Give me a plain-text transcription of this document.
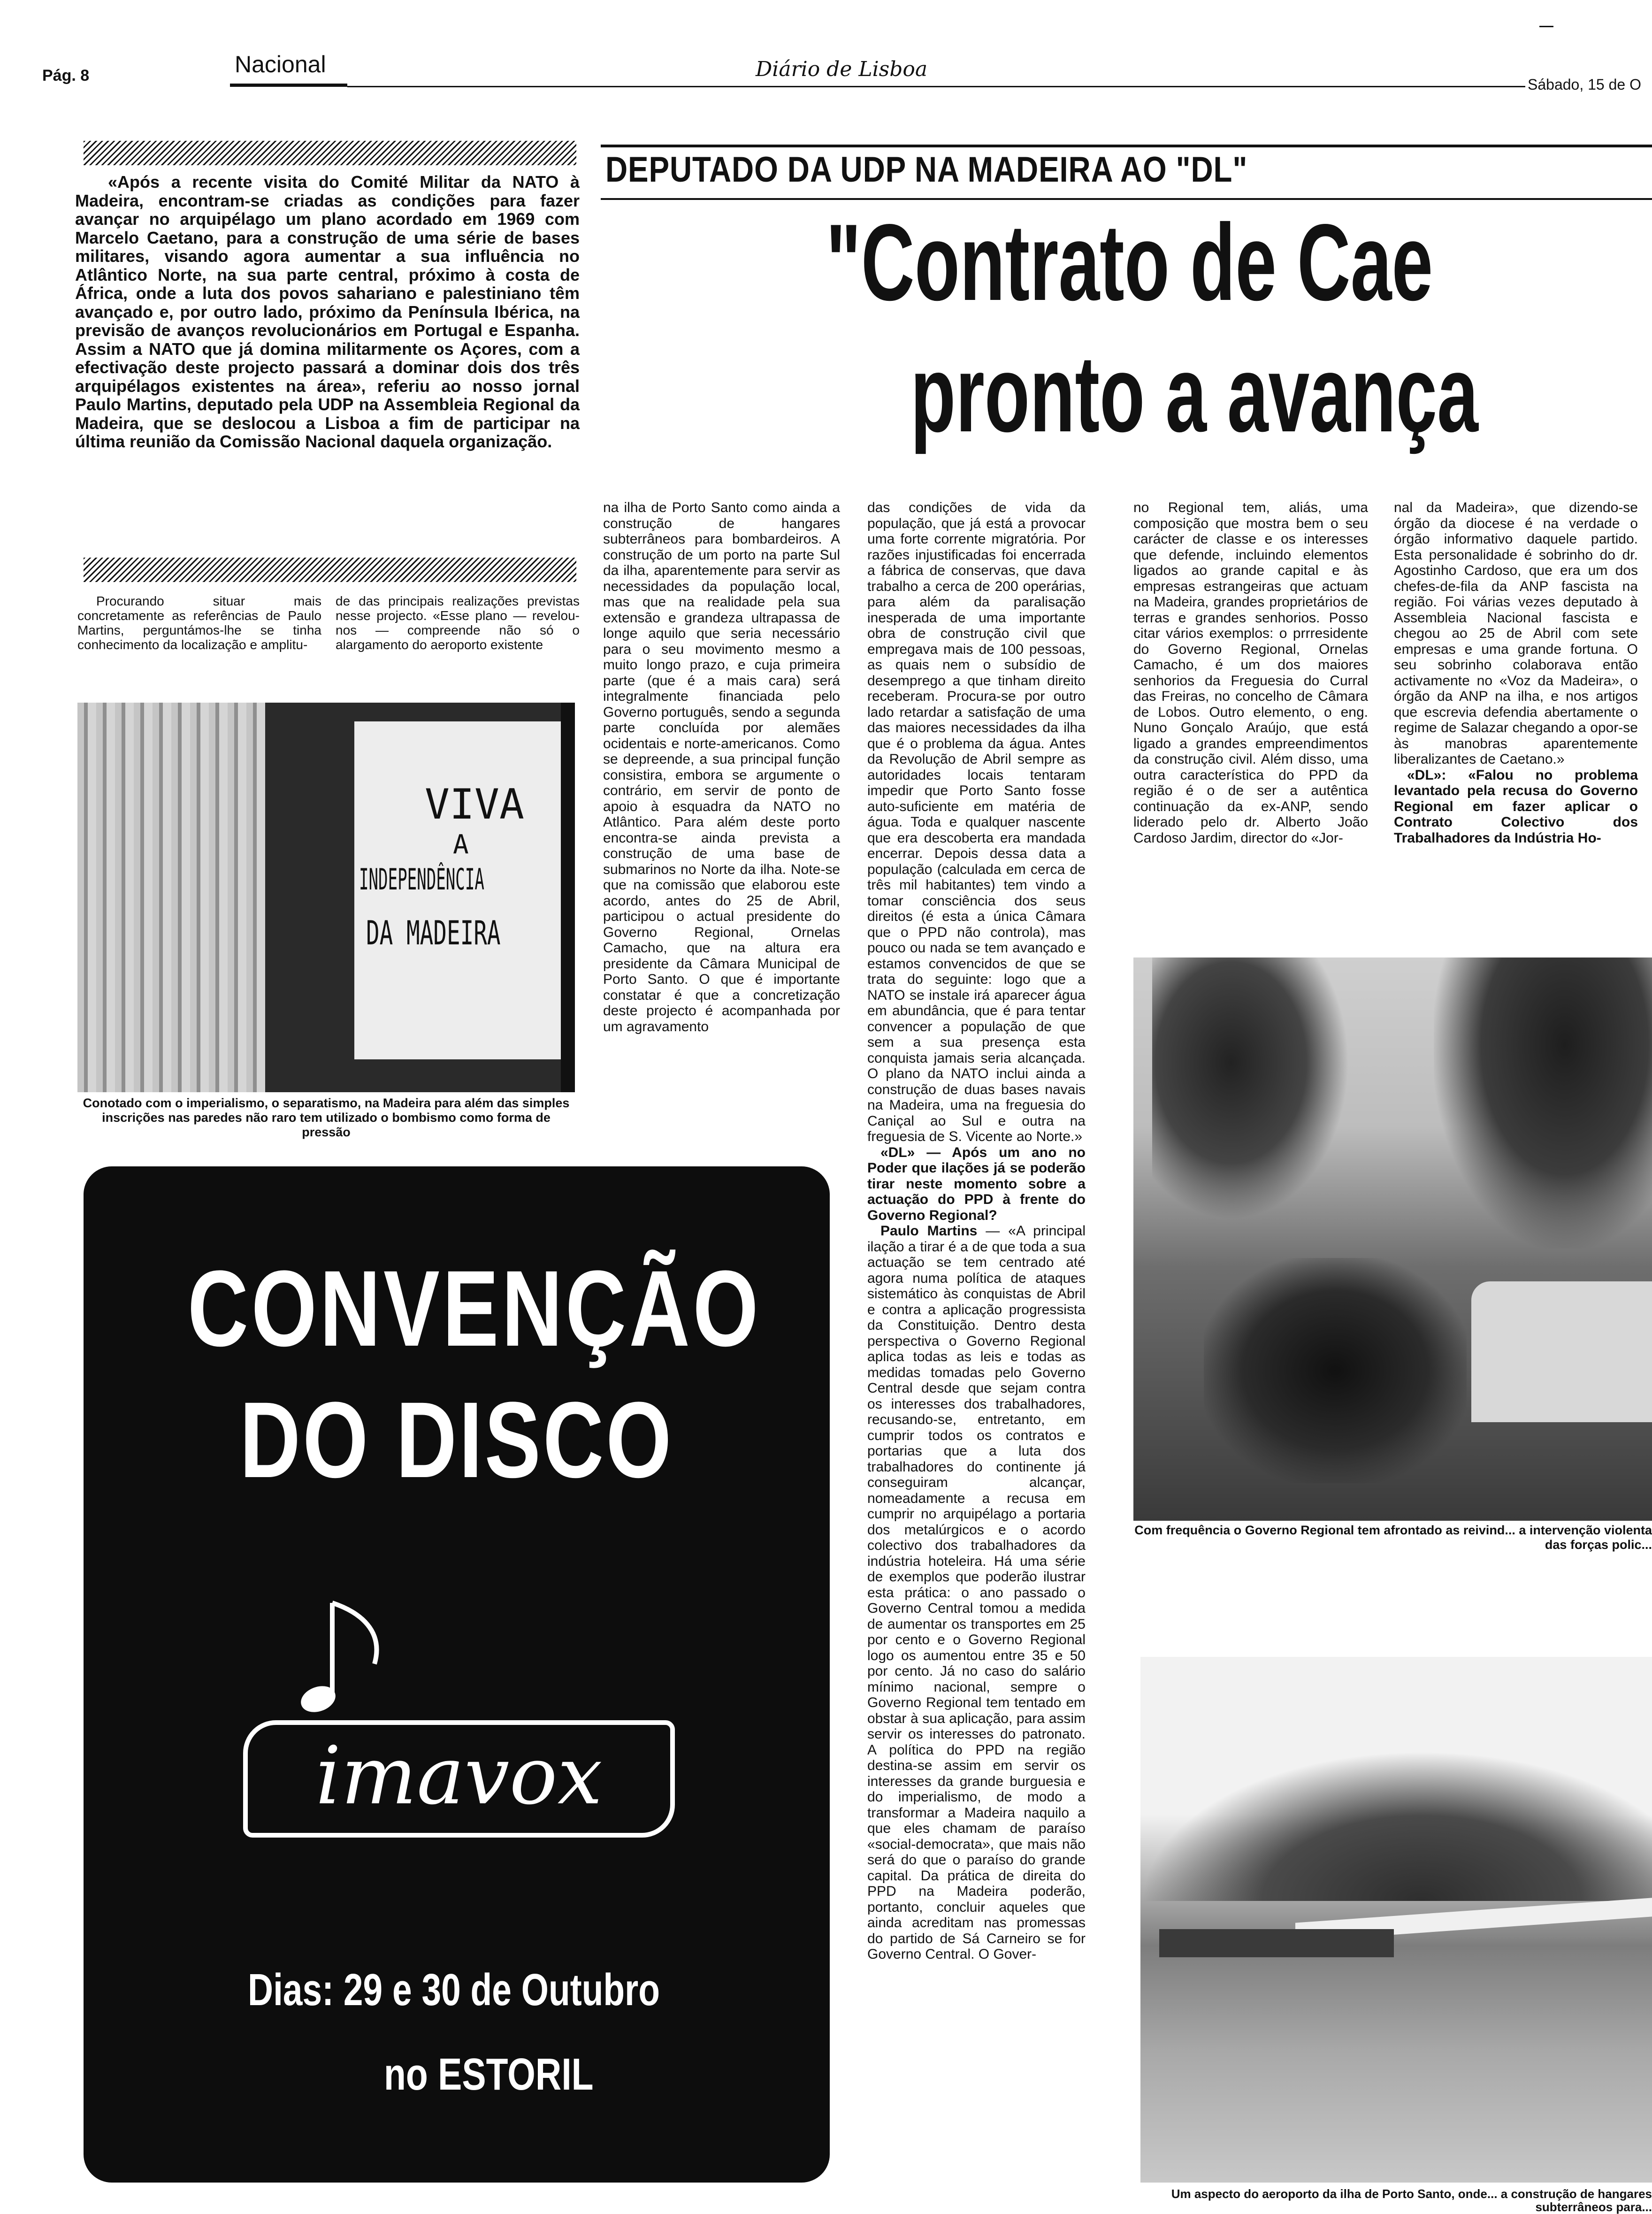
Pág. 8	Nacional	Diário de Lisboa
Sábado, 15 de O

«Após a recente visita do Comité Militar da NATO à Madeira, encontram-se criadas as condições para fazer avançar no arquipélago um plano acordado em 1969 com Marcelo Caetano, para a construção de uma série de bases militares, visando agora aumentar a sua influência no Atlântico Norte, na sua parte central, próximo à costa de África, onde a luta dos povos sahariano e palestiniano têm avançado e, por outro lado, próximo da Península Ibérica, na previsão de avanços revolucionários em Portugal e Espanha. Assim a NATO que já domina militarmente os Açores, com a efectivação deste projecto passará a dominar dois dos três arquipélagos existentes na área», referiu ao nosso jornal Paulo Martins, deputado pela UDP na Assembleia Regional da Madeira, que se deslocou a Lisboa a fim de participar na última reunião da Comissão Nacional daquela organização.

DEPUTADO DA UDP NA MADEIRA AO "DL"
"Contrato de Cae
pronto a avança

Procurando situar mais concretamente as referências de Paulo Martins, perguntámos-lhe se tinha conhecimento da localização e amplitu-

de das principais realizações previstas nesse projecto. «Esse plano — revelou-nos — compreende não só o alargamento do aeroporto existente

VIVA
A
INDEPENDÊNCIA
DA MADEIRA
Conotado com o imperialismo, o separatismo, na Madeira para além das simples inscrições nas paredes não raro tem utilizado o bombismo como forma de pressão

na ilha de Porto Santo como ainda a construção de hangares subterrâneos para bombardeiros. A construção de um porto na parte Sul da ilha, aparentemente para servir as necessidades da população local, mas que na realidade pela sua extensão e grandeza ultrapassa de longe aquilo que seria necessário para o seu movimento mesmo a muito longo prazo, e cuja primeira parte (que é a mais cara) será integralmente financiada pelo Governo português, sendo a segunda parte concluída por alemães ocidentais e norte-americanos. Como se depreende, a sua principal função consistira, embora se argumente o contrário, em servir de ponto de apoio à esquadra da NATO no Atlântico. Para além deste porto encontra-se ainda prevista a construção de uma base de submarinos no Norte da ilha. Note-se que na comissão que elaborou este acordo, antes do 25 de Abril, participou o actual presidente do Governo Regional, Ornelas Camacho, que na altura era presidente da Câmara Municipal de Porto Santo. O que é importante constatar é que a concretização deste projecto é acompanhada por um agravamento

das condições de vida da população, que já está a provocar uma forte corrente migratória. Por razões injustificadas foi encerrada a fábrica de conservas, que dava trabalho a cerca de 200 operárias, para além da paralisação inesperada de uma importante obra de construção civil que empregava mais de 100 pessoas, as quais nem o subsídio de desemprego a que tinham direito receberam. Procura-se por outro lado retardar a satisfação de uma das maiores necessidades da ilha que é o problema da água. Antes da Revolução de Abril sempre as autoridades locais tentaram impedir que Porto Santo fosse auto-suficiente em matéria de água. Toda e qualquer nascente que era descoberta era mandada encerrar. Depois dessa data a população (calculada em cerca de três mil habitantes) tem vindo a tomar consciência dos seus direitos (é esta a única Câmara que o PPD não controla), mas pouco ou nada se tem avançado e estamos convencidos de que se trata do seguinte: logo que a NATO se instale irá aparecer água em abundância, que é para tentar convencer a população de que sem a sua presença esta conquista jamais seria alcançada. O plano da NATO inclui ainda a construção de duas bases navais na Madeira, uma na freguesia do Caniçal ao Sul e outra na freguesia de S. Vicente ao Norte.»

«DL» — Após um ano no Poder que ilações já se poderão tirar neste momento sobre a actuação do PPD à frente do Governo Regional?

Paulo Martins — «A principal ilação a tirar é a de que toda a sua actuação se tem centrado até agora numa política de ataques sistemático às conquistas de Abril e contra a aplicação progressista da Constituição. Dentro desta perspectiva o Governo Regional aplica todas as leis e todas as medidas tomadas pelo Governo Central desde que sejam contra os interesses dos trabalhadores, recusando-se, entretanto, em cumprir todos os contratos e portarias que a luta dos trabalhadores do continente já conseguiram alcançar, nomeadamente a recusa em cumprir no arquipélago a portaria dos metalúrgicos e o acordo colectivo dos trabalhadores da indústria hoteleira. Há uma série de exemplos que poderão ilustrar esta prática: o ano passado o Governo Central tomou a medida de aumentar os transportes em 25 por cento e o Governo Regional logo os aumentou entre 35 e 50 por cento. Já no caso do salário mínimo nacional, sempre o Governo Regional tem tentado em obstar à sua aplicação, para assim servir os interesses do patronato. A política do PPD na região destina-se assim em servir os interesses da grande burguesia e do imperialismo, de modo a transformar a Madeira naquilo a que eles chamam de paraíso «social-democrata», que mais não será do que o paraíso do grande capital. Da prática de direita do PPD na Madeira poderão, portanto, concluir aqueles que ainda acreditam nas promessas do partido de Sá Carneiro se for Governo Central. O Gover-

no Regional tem, aliás, uma composição que mostra bem o seu carácter de classe e os interesses que defende, incluindo elementos ligados ao grande capital e às empresas estrangeiras que actuam na Madeira, grandes proprietários de terras e grandes senhorios. Posso citar vários exemplos: o prrresidente do Governo Regional, Ornelas Camacho, é um dos maiores senhorios da Freguesia do Curral das Freiras, no concelho de Câmara de Lobos. Outro elemento, o eng. Nuno Gonçalo Araújo, que está ligado a grandes empreendimentos da construção civil. Além disso, uma outra característica do PPD da região é o de ser a autêntica continuação da ex-ANP, sendo liderado pelo dr. Alberto João Cardoso Jardim, director do «Jor-

nal da Madeira», que dizendo-se órgão da diocese é na verdade o órgão informativo daquele partido. Esta personalidade é sobrinho do dr. Agostinho Cardoso, que era um dos chefes-de-fila da ANP fascista na região. Foi várias vezes deputado à Assembleia Nacional fascista e chegou ao 25 de Abril com sete empresas e uma grande fortuna. O seu sobrinho colaborava então activamente no «Voz da Madeira», o órgão da ANP na ilha, e nos artigos que escrevia defendia abertamente o regime de Salazar chegando a opor-se às manobras aparentemente liberalizantes de Caetano.»

«DL»: «Falou no problema levantado pela recusa do Governo Regional em fazer aplicar o Contrato Colectivo dos Trabalhadores da Indústria Ho-

Com frequência o Governo Regional tem afrontado as reivind... a intervenção violenta das forças polic...
Um aspecto do aeroporto da ilha de Porto Santo, onde... a construção de hangares subterrâneos para...
CONVENÇÃO
DO DISCO
imavox
Dias: 29 e 30 de Outubro
no ESTORIL
